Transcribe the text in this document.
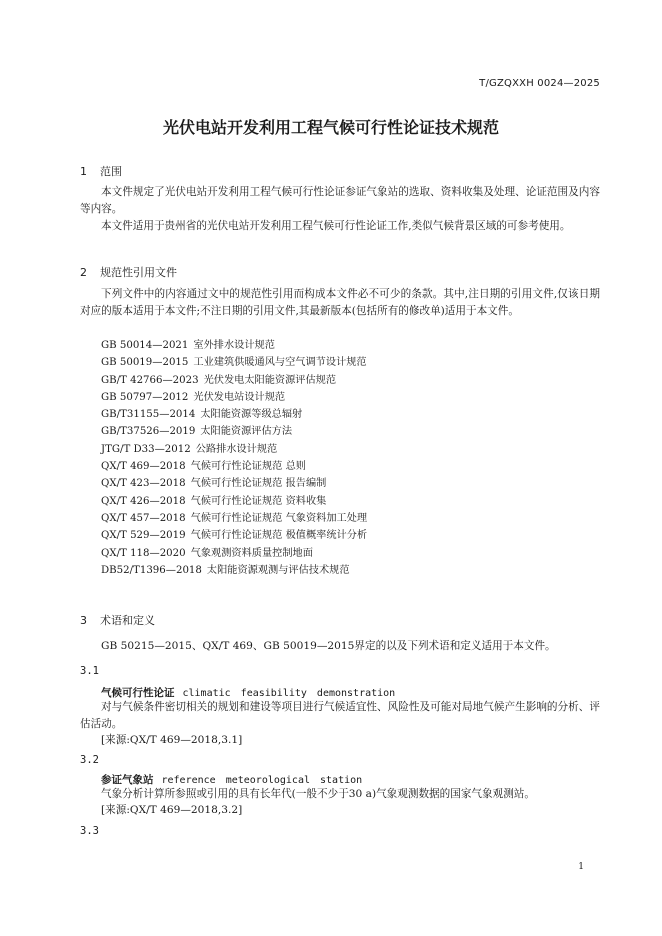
T/GZQXXH 0024—2025
光伏电站开发利用工程气候可行性论证技术规范
1 范围

本文件规定了光伏电站开发利用工程气候可行性论证参证气象站的选取、资料收集及处理、论证范围及内容等内容。

本文件适用于贵州省的光伏电站开发利用工程气候可行性论证工作,类似气候背景区域的可参考使用。

2 规范性引用文件

下列文件中的内容通过文中的规范性引用而构成本文件必不可少的条款。其中,注日期的引用文件,仅该日期对应的版本适用于本文件;不注日期的引用文件,其最新版本(包括所有的修改单)适用于本文件。

GB 50014—2021 室外排水设计规范
GB 50019—2015 工业建筑供暖通风与空气调节设计规范
GB/T 42766—2023 光伏发电太阳能资源评估规范
GB 50797—2012 光伏发电站设计规范
GB/T31155—2014 太阳能资源等级总辐射
GB/T37526—2019 太阳能资源评估方法
JTG/T D33—2012 公路排水设计规范
QX/T 469—2018 气候可行性论证规范 总则
QX/T 423—2018 气候可行性论证规范 报告编制
QX/T 426—2018 气候可行性论证规范 资料收集
QX/T 457—2018 气候可行性论证规范 气象资料加工处理
QX/T 529—2019 气候可行性论证规范 极值概率统计分析
QX/T 118—2020 气象观测资料质量控制地面
DB52/T1396—2018 太阳能资源观测与评估技术规范
3 术语和定义

GB 50215—2015、QX/T 469、GB 50019—2015界定的以及下列术语和定义适用于本文件。

3.1
气候可行性论证 climatic feasibility demonstration

对与气候条件密切相关的规划和建设等项目进行气候适宜性、风险性及可能对局地气候产生影响的分析、评估活动。

[来源:QX/T 469—2018,3.1]
3.2
参证气象站 reference meteorological station

气象分析计算所参照或引用的具有长年代(一般不少于30 a)气象观测数据的国家气象观测站。

[来源:QX/T 469—2018,3.2]
3.3
1
